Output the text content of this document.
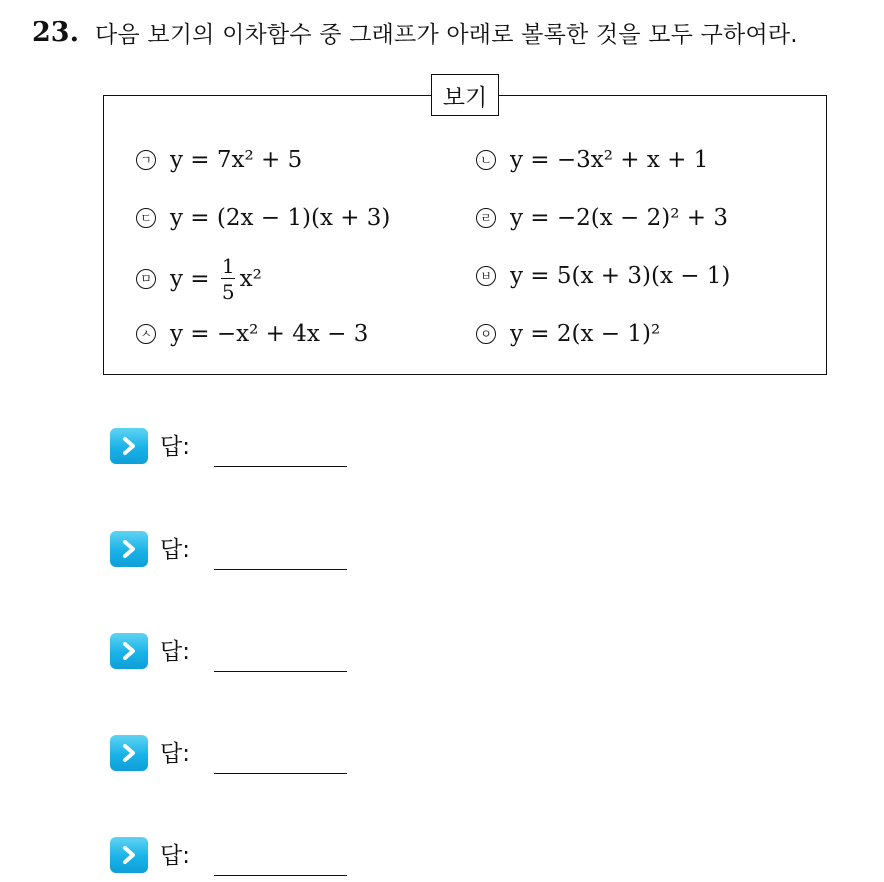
23. 다음 보기의 이차함수 중 그래프가 아래로 볼록한 것을 모두 구하여라.
보기
ㄱ y = 7x² + 5
ㄷ y = (2x − 1)(x + 3)
ㅁ y = 1
5 x²
ㅅ y = −x² + 4x − 3
ㄴ y = −3x² + x + 1
ㄹ y = −2(x − 2)² + 3
ㅂ y = 5(x + 3)(x − 1)
ㅇ y = 2(x − 1)²
답:
답:
답:
답:
답:
